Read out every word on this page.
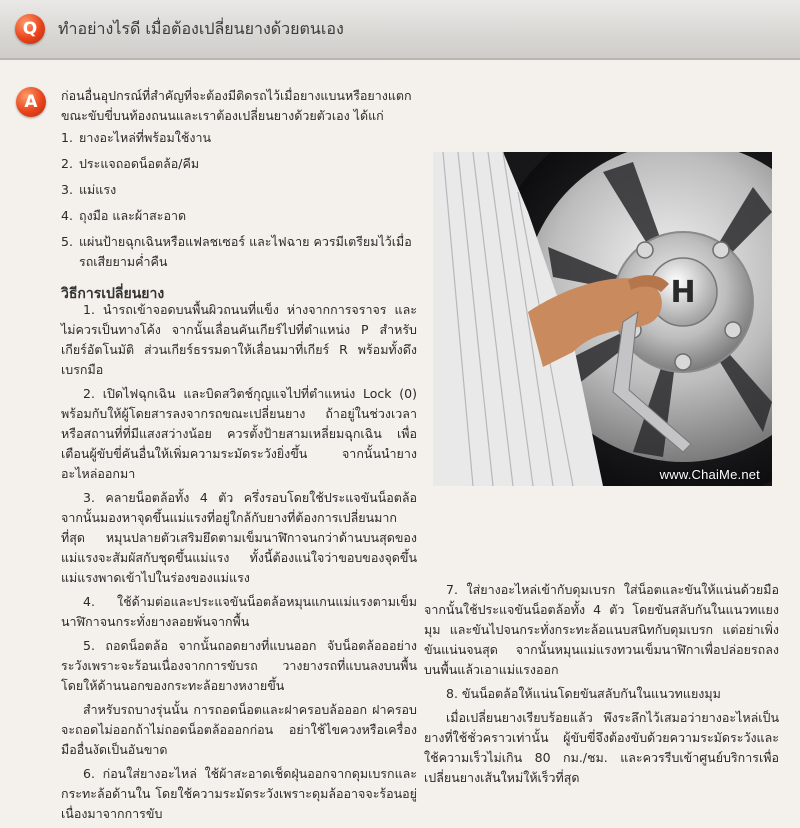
Q	ทำอย่างไรดี เมื่อต้องเปลี่ยนยางด้วยตนเอง
A	ก่อนอื่นอุปกรณ์ที่สำคัญที่จะต้องมีติดรถไว้เมื่อยางแบนหรือยางแตก ขณะขับขี่บนท้องถนนและเราต้องเปลี่ยนยางด้วยตัวเอง ได้แก่

1. ยางอะไหล่ที่พร้อมใช้งาน
2. ประแจถอดน็อตล้อ/คีม
3. แม่แรง
4. ถุงมือ และผ้าสะอาด
5. แผ่นป้ายฉุกเฉินหรือแฟลชเซอร์ และไฟฉาย ควรมีเตรียมไว้เมื่อรถเสียยามค่ำคืน
วิธีการเปลี่ยนยาง

1. นำรถเข้าจอดบนพื้นผิวถนนที่แข็ง ห่างจากการจราจร และไม่ควรเป็นทางโค้ง จากนั้นเลื่อนคันเกียร์ไปที่ตำแหน่ง P สำหรับเกียร์อัตโนมัติ ส่วนเกียร์ธรรมดาให้เลื่อนมาที่เกียร์ R พร้อมทั้งดึงเบรกมือ

2. เปิดไฟฉุกเฉิน และบิดสวิตช์กุญแจไปที่ตำแหน่ง Lock (0) พร้อมกับให้ผู้โดยสารลงจากรถขณะเปลี่ยนยาง ถ้าอยู่ในช่วงเวลาหรือสถานที่ที่มีแสงสว่างน้อย ควรตั้งป้ายสามเหลี่ยมฉุกเฉิน เพื่อเตือนผู้ขับขี่คันอื่นให้เพิ่มความระมัดระวังยิ่งขึ้น จากนั้นนำยางอะไหล่ออกมา

3. คลายน็อตล้อทั้ง 4 ตัว ครึ่งรอบโดยใช้ประแจขันน็อตล้อ จากนั้นมองหาจุดขึ้นแม่แรงที่อยู่ใกล้กับยางที่ต้องการเปลี่ยนมากที่สุด หมุนปลายตัวเสริมยึดตามเข็มนาฬิกาจนกว่าด้านบนสุดของแม่แรงจะสัมผัสกับชุดขึ้นแม่แรง ทั้งนี้ต้องแน่ใจว่าขอบของจุดขึ้นแม่แรงพาดเข้าไปในร่องของแม่แรง

4. ใช้ด้ามต่อและประแจขันน็อตล้อหมุนแกนแม่แรงตามเข็มนาฬิกาจนกระทั่งยางลอยพ้นจากพื้น

5. ถอดน็อตล้อ จากนั้นถอดยางที่แบนออก จับน็อตล้อออย่างระวังเพราะจะร้อนเนื่องจากการขับรถ วางยางรถที่แบนลงบนพื้นโดยให้ด้านนอกของกระทะล้อยางหงายขึ้น

สำหรับรถบางรุ่นนั้น การถอดน็อตและฝาครอบล้อออก ฝาครอบจะถอดไม่ออกถ้าไม่ถอดน็อตล้อออกก่อน อย่าใช้ไขควงหรือเครื่องมืออื่นงัดเป็นอันขาด

6. ก่อนใส่ยางอะไหล่ ใช้ผ้าสะอาดเช็ดฝุ่นออกจากดุมเบรกและกระทะล้อด้านใน โดยใช้ความระมัดระวังเพราะดุมล้ออาจจะร้อนอยู่เนื่องมาจากการขับ

H
www.ChaiMe.net

7. ใส่ยางอะไหล่เข้ากับดุมเบรก ใส่น็อตและขันให้แน่นด้วยมือ จากนั้นใช้ประแจขันน็อตล้อทั้ง 4 ตัว โดยขันสลับกันในแนวทแยงมุม และขันไปจนกระทั่งกระทะล้อแนบสนิทกับดุมเบรก แต่อย่าเพิ่งขันแน่นจนสุด จากนั้นหมุนแม่แรงทวนเข็มนาฬิกาเพื่อปล่อยรถลงบนพื้นแล้วเอาแม่แรงออก

8. ขันน็อตล้อให้แน่นโดยขันสลับกันในแนวทแยงมุม

เมื่อเปลี่ยนยางเรียบร้อยแล้ว พึงระลึกไว้เสมอว่ายางอะไหล่เป็นยางที่ใช้ชั่วคราวเท่านั้น ผู้ขับขี่จึงต้องขับด้วยความระมัดระวังและใช้ความเร็วไม่เกิน 80 กม./ชม. และควรรีบเข้าศูนย์บริการเพื่อเปลี่ยนยางเส้นใหม่ให้เร็วที่สุด
